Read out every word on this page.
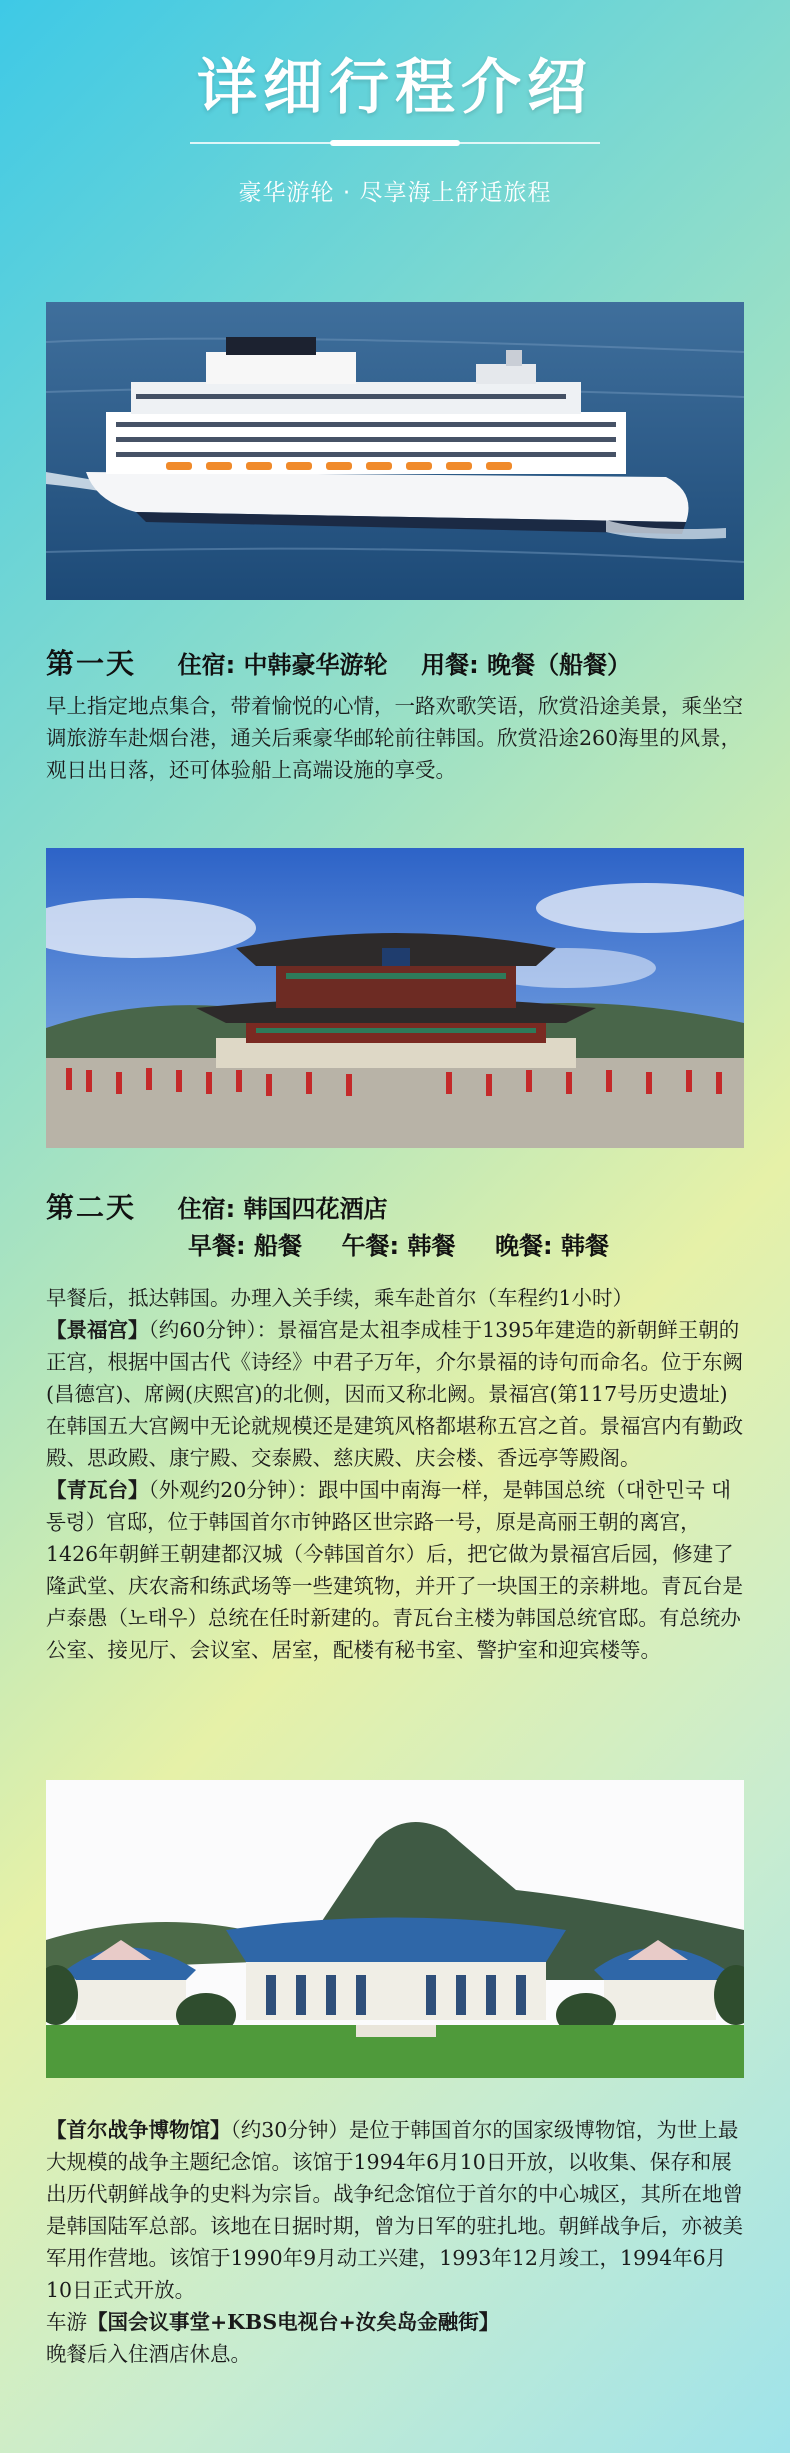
详细行程介绍
豪华游轮 · 尽享海上舒适旅程
第一天 住宿: 中韩豪华游轮 用餐: 晚餐（船餐）

早上指定地点集合，带着愉悦的心情，一路欢歌笑语，欣赏沿途美景，乘坐空调旅游车赴烟台港，通关后乘豪华邮轮前往韩国。欣赏沿途260海里的风景，观日出日落，还可体验船上高端设施的享受。

第二天 住宿: 韩国四花酒店
早餐: 船餐 午餐: 韩餐 晚餐: 韩餐

早餐后，抵达韩国。办理入关手续，乘车赴首尔（车程约1小时）

【景福宫】（约60分钟）：景福宫是太祖李成桂于1395年建造的新朝鲜王朝的正宫，根据中国古代《诗经》中君子万年，介尔景福的诗句而命名。位于东阙(昌德宫)、席阙(庆熙宫)的北侧，因而又称北阙。景福宫(第117号历史遗址)在韩国五大宫阙中无论就规模还是建筑风格都堪称五宫之首。景福宫内有勤政殿、思政殿、康宁殿、交泰殿、慈庆殿、庆会楼、香远亭等殿阁。

【青瓦台】（外观约20分钟）：跟中国中南海一样，是韩国总统（대한민국 대통령）官邸，位于韩国首尔市钟路区世宗路一号，原是高丽王朝的离宫，1426年朝鲜王朝建都汉城（今韩国首尔）后，把它做为景福宫后园，修建了隆武堂、庆农斋和练武场等一些建筑物，并开了一块国王的亲耕地。青瓦台是卢泰愚（노태우）总统在任时新建的。青瓦台主楼为韩国总统官邸。有总统办公室、接见厅、会议室、居室，配楼有秘书室、警护室和迎宾楼等。

【首尔战争博物馆】（约30分钟）是位于韩国首尔的国家级博物馆，为世上最大规模的战争主题纪念馆。该馆于1994年6月10日开放，以收集、保存和展出历代朝鲜战争的史料为宗旨。战争纪念馆位于首尔的中心城区，其所在地曾是韩国陆军总部。该地在日据时期，曾为日军的驻扎地。朝鲜战争后，亦被美军用作营地。该馆于1990年9月动工兴建，1993年12月竣工，1994年6月10日正式开放。

车游【国会议事堂+KBS电视台+汝矣岛金融街】

晚餐后入住酒店休息。
